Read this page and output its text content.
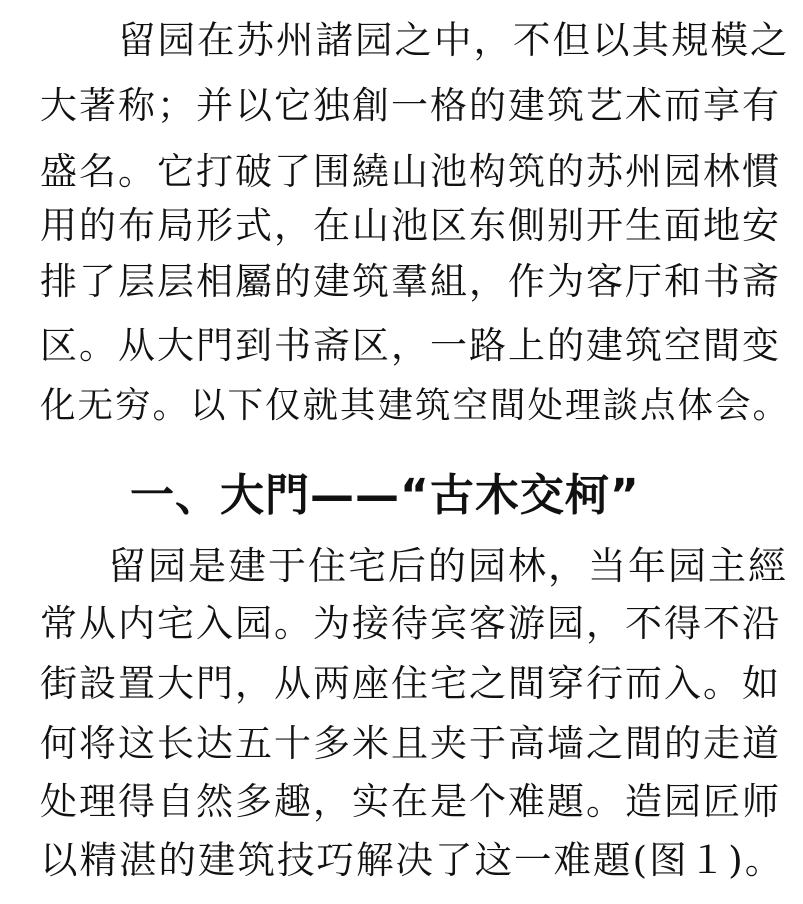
留园在苏州諸园之中，不但以其規模之
大著称；并以它独創一格的建筑艺术而享有
盛名。它打破了围繞山池构筑的苏州园林慣
用的布局形式，在山池区东側别开生面地安
排了层层相屬的建筑羣組，作为客厅和书斋
区。从大門到书斋区，一路上的建筑空間变
化无穷。以下仅就其建筑空間处理談点体会。
一、大門——“古木交柯”
留园是建于住宅后的园林，当年园主經
常从内宅入园。为接待宾客游园，不得不沿
街設置大門，从两座住宅之間穿行而入。如
何将这长达五十多米且夹于高墙之間的走道
处理得自然多趣，实在是个难題。造园匠师
以精湛的建筑技巧解决了这一难題(图１)。
